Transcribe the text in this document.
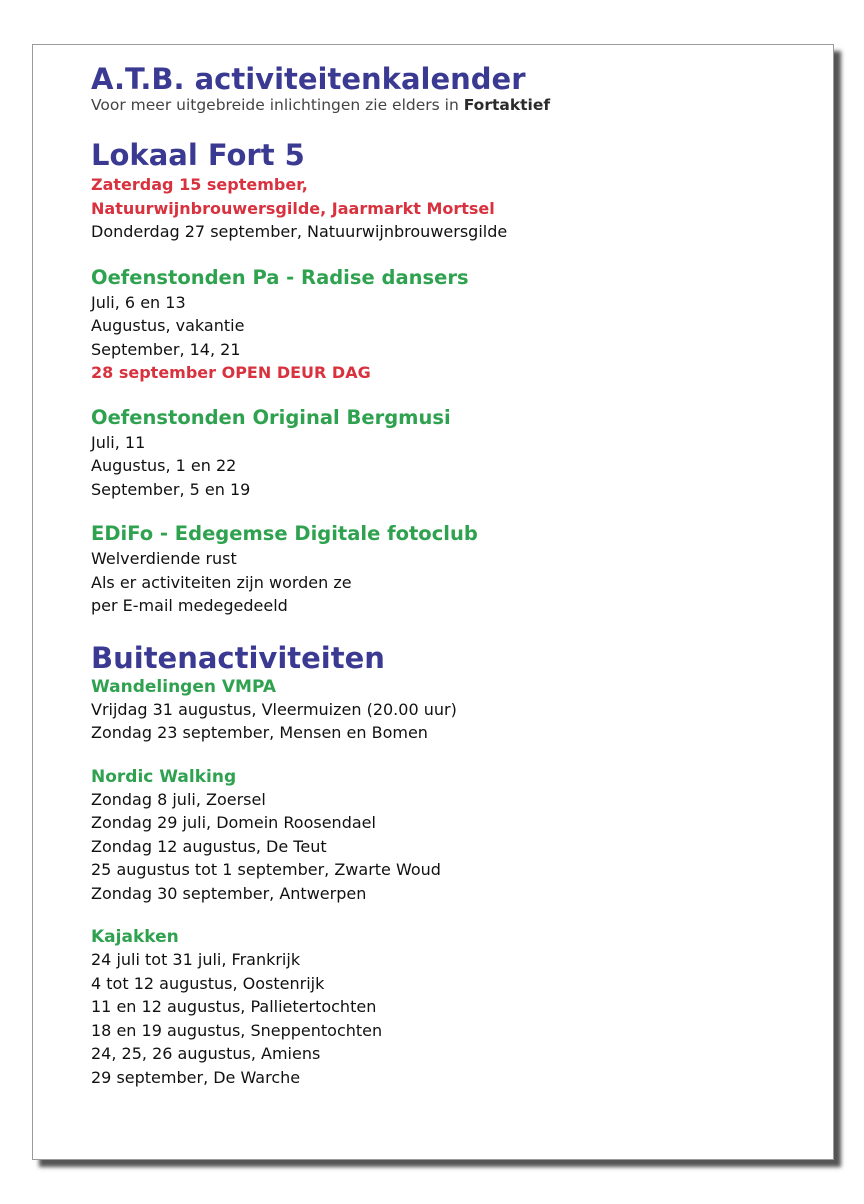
A.T.B. activiteitenkalender
Voor meer uitgebreide inlichtingen zie elders in Fortaktief
Lokaal Fort 5
Zaterdag 15 september,
Natuurwijnbrouwersgilde, Jaarmarkt Mortsel
Donderdag 27 september, Natuurwijnbrouwersgilde
Oefenstonden Pa - Radise dansers
Juli, 6 en 13
Augustus, vakantie
September, 14, 21
28 september OPEN DEUR DAG
Oefenstonden Original Bergmusi
Juli, 11
Augustus, 1 en 22
September, 5 en 19
EDiFo - Edegemse Digitale fotoclub
Welverdiende rust
Als er activiteiten zijn worden ze
per E-mail medegedeeld
Buitenactiviteiten
Wandelingen VMPA
Vrijdag 31 augustus, Vleermuizen (20.00 uur)
Zondag 23 september, Mensen en Bomen
Nordic Walking
Zondag 8 juli, Zoersel
Zondag 29 juli, Domein Roosendael
Zondag 12 augustus, De Teut
25 augustus tot 1 september, Zwarte Woud
Zondag 30 september, Antwerpen
Kajakken
24 juli tot 31 juli, Frankrijk
4 tot 12 augustus, Oostenrijk
11 en 12 augustus, Pallietertochten
18 en 19 augustus, Sneppentochten
24, 25, 26 augustus, Amiens
29 september, De Warche
